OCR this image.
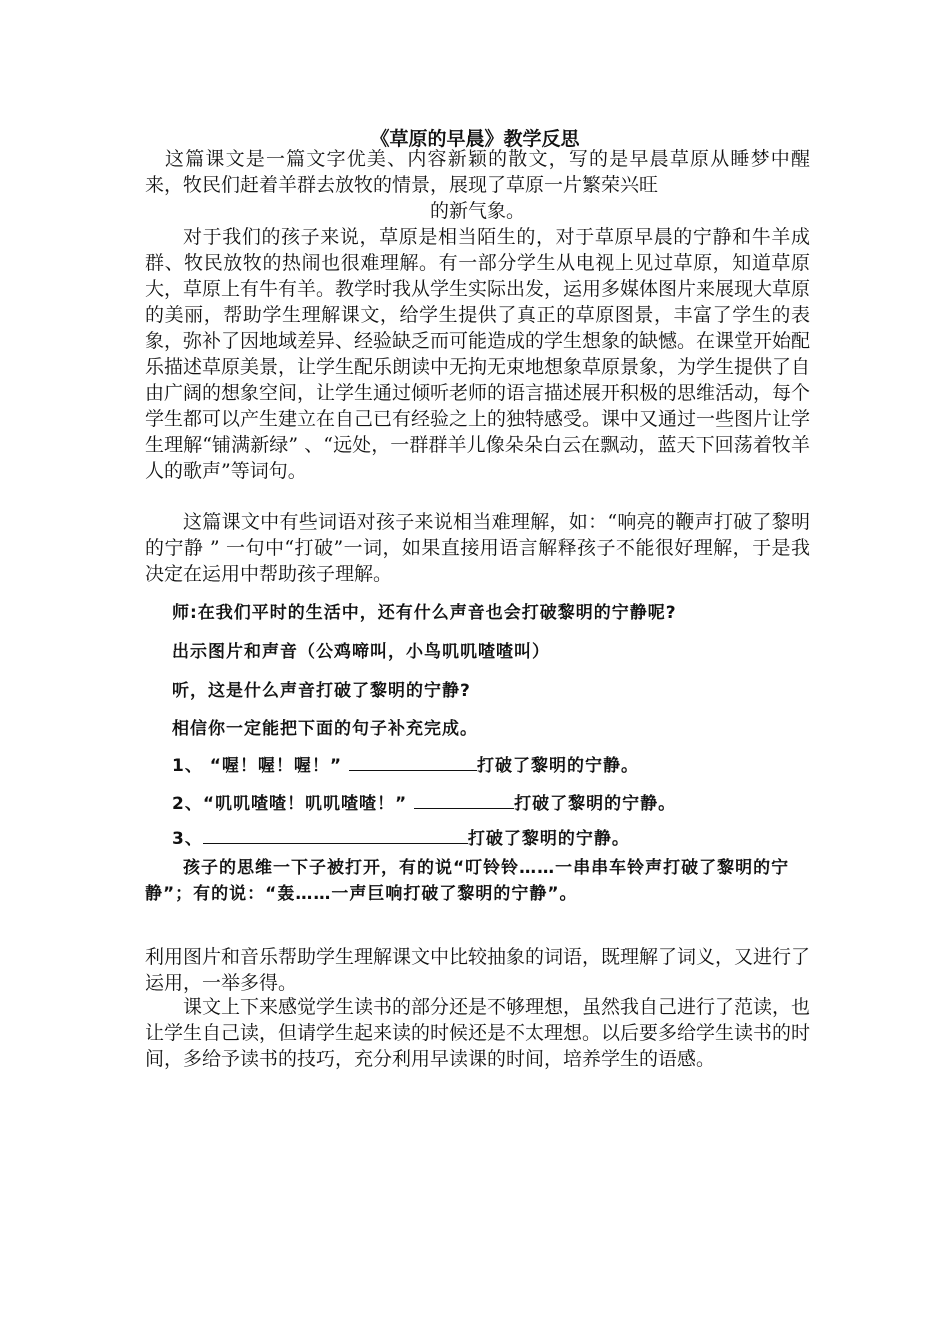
《草原的早晨》教学反思
这篇课文是一篇文字优美、内容新颖的散文，写的是早晨草原从睡梦中醒来，牧民们赶着羊群去放牧的情景，展现了草原一片繁荣兴旺
的新气象。
对于我们的孩子来说，草原是相当陌生的，对于草原早晨的宁静和牛羊成群、牧民放牧的热闹也很难理解。有一部分学生从电视上见过草原，知道草原大，草原上有牛有羊。教学时我从学生实际出发，运用多媒体图片来展现大草原的美丽，帮助学生理解课文，给学生提供了真正的草原图景，丰富了学生的表象，弥补了因地域差异、经验缺乏而可能造成的学生想象的缺憾。在课堂开始配乐描述草原美景，让学生配乐朗读中无拘无束地想象草原景象，为学生提供了自由广阔的想象空间，让学生通过倾听老师的语言描述展开积极的思维活动，每个学生都可以产生建立在自己已有经验之上的独特感受。课中又通过一些图片让学生理解“铺满新绿” 、“远处，一群群羊儿像朵朵白云在飘动，蓝天下回荡着牧羊人的歌声”等词句。
这篇课文中有些词语对孩子来说相当难理解，如：“响亮的鞭声打破了黎明的宁静 ” 一句中“打破”一词，如果直接用语言解释孩子不能很好理解，于是我决定在运用中帮助孩子理解。
师:在我们平时的生活中，还有什么声音也会打破黎明的宁静呢?
出示图片和声音（公鸡啼叫，小鸟叽叽喳喳叫）
听，这是什么声音打破了黎明的宁静?
相信你一定能把下面的句子补充完成。
1、 “喔！喔！喔！”	打破了黎明的宁静。
2、“叽叽喳喳！叽叽喳喳！”	打破了黎明的宁静。
3、	打破了黎明的宁静。
孩子的思维一下子被打开，有的说“叮铃铃……一串串车铃声打破了黎明的宁静”；有的说：“轰……一声巨响打破了黎明的宁静”。
利用图片和音乐帮助学生理解课文中比较抽象的词语，既理解了词义，又进行了运用，一举多得。
课文上下来感觉学生读书的部分还是不够理想，虽然我自己进行了范读，也让学生自己读，但请学生起来读的时候还是不太理想。以后要多给学生读书的时间，多给予读书的技巧，充分利用早读课的时间，培养学生的语感。
